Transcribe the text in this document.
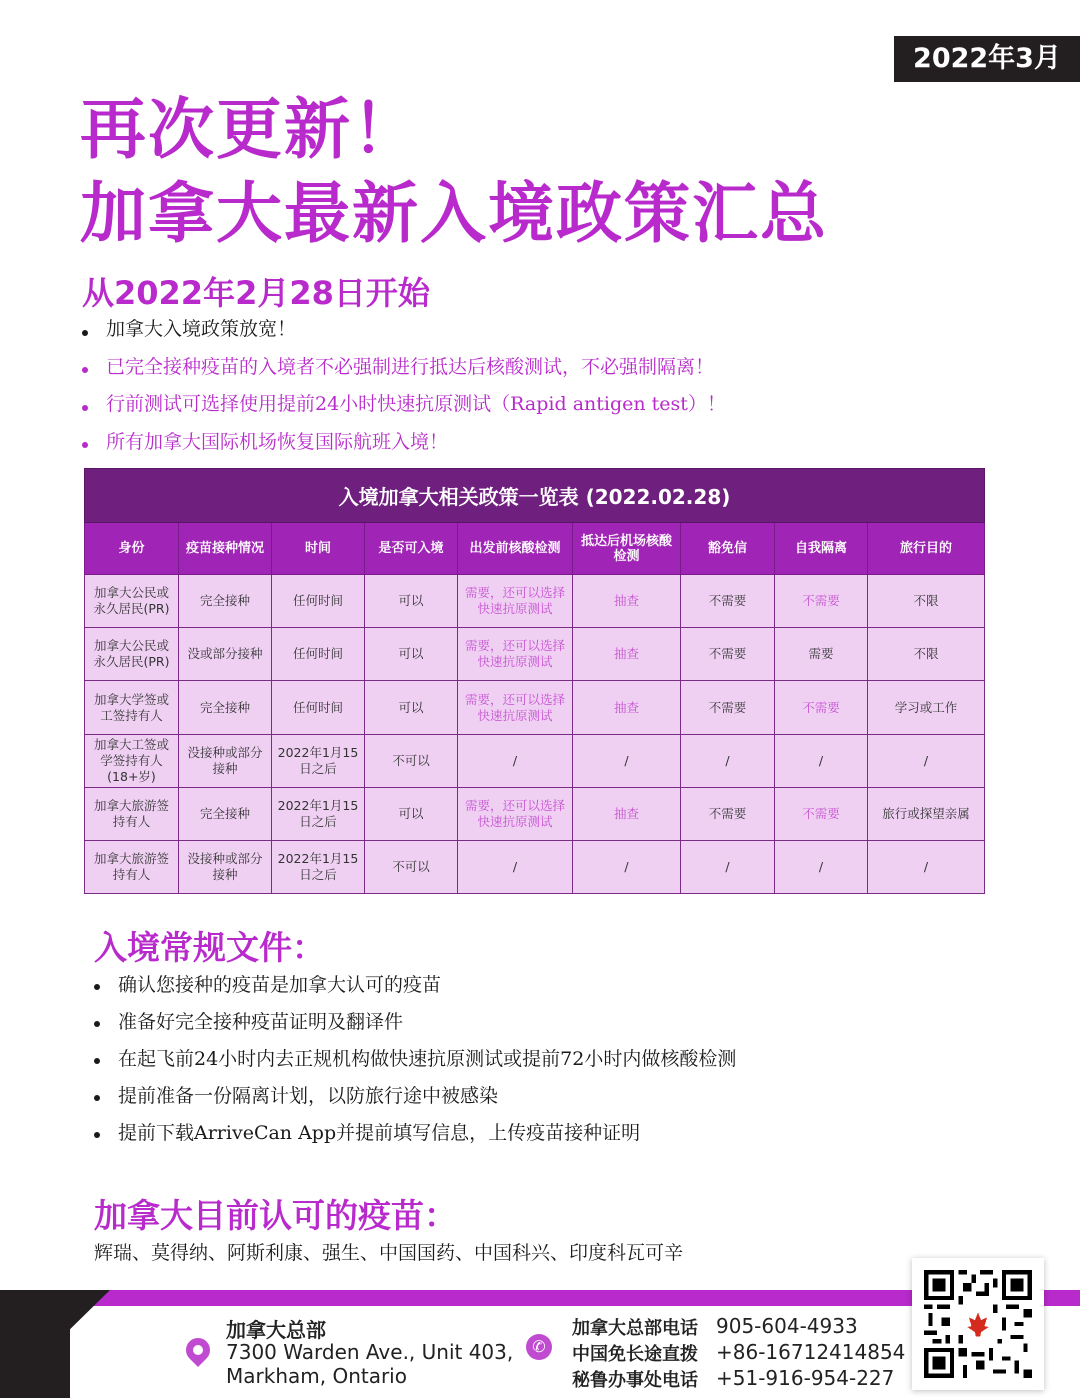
2022年3月
再次更新！
加拿大最新入境政策汇总
从2022年2月28日开始
加拿大入境政策放宽！
已完全接种疫苗的入境者不必强制进行抵达后核酸测试，不必强制隔离！
行前测试可选择使用提前24小时快速抗原测试（Rapid antigen test）！
所有加拿大国际机场恢复国际航班入境！
入境加拿大相关政策一览表 (2022.02.28)								
身份	疫苗接种情况	时间	是否可入境	出发前核酸检测	抵达后机场核酸检测	豁免信	自我隔离	旅行目的
加拿大公民或永久居民(PR)	完全接种	任何时间	可以	需要，还可以选择快速抗原测试	抽查	不需要	不需要	不限
加拿大公民或永久居民(PR)	没或部分接种	任何时间	可以	需要，还可以选择快速抗原测试	抽查	不需要	需要	不限
加拿大学签或工签持有人	完全接种	任何时间	可以	需要，还可以选择快速抗原测试	抽查	不需要	不需要	学习或工作
加拿大工签或学签持有人(18+岁)	没接种或部分接种	2022年1月15日之后	不可以	/	/	/	/	/
加拿大旅游签持有人	完全接种	2022年1月15日之后	可以	需要，还可以选择快速抗原测试	抽查	不需要	不需要	旅行或探望亲属
加拿大旅游签持有人	没接种或部分接种	2022年1月15日之后	不可以	/	/	/	/	/
入境常规文件：
确认您接种的疫苗是加拿大认可的疫苗
准备好完全接种疫苗证明及翻译件
在起飞前24小时内去正规机构做快速抗原测试或提前72小时内做核酸检测
提前准备一份隔离计划，以防旅行途中被感染
提前下载ArriveCan App并提前填写信息，上传疫苗接种证明
加拿大目前认可的疫苗：

辉瑞、莫得纳、阿斯利康、强生、中国国药、中国科兴、印度科瓦可辛

加拿大总部
7300 Warden Ave., Unit 403,
Markham, Ontario
✆
加拿大总部电话 905-604-4933
中国免长途直拨 +86-16712414854
秘鲁办事处电话 +51-916-954-227
